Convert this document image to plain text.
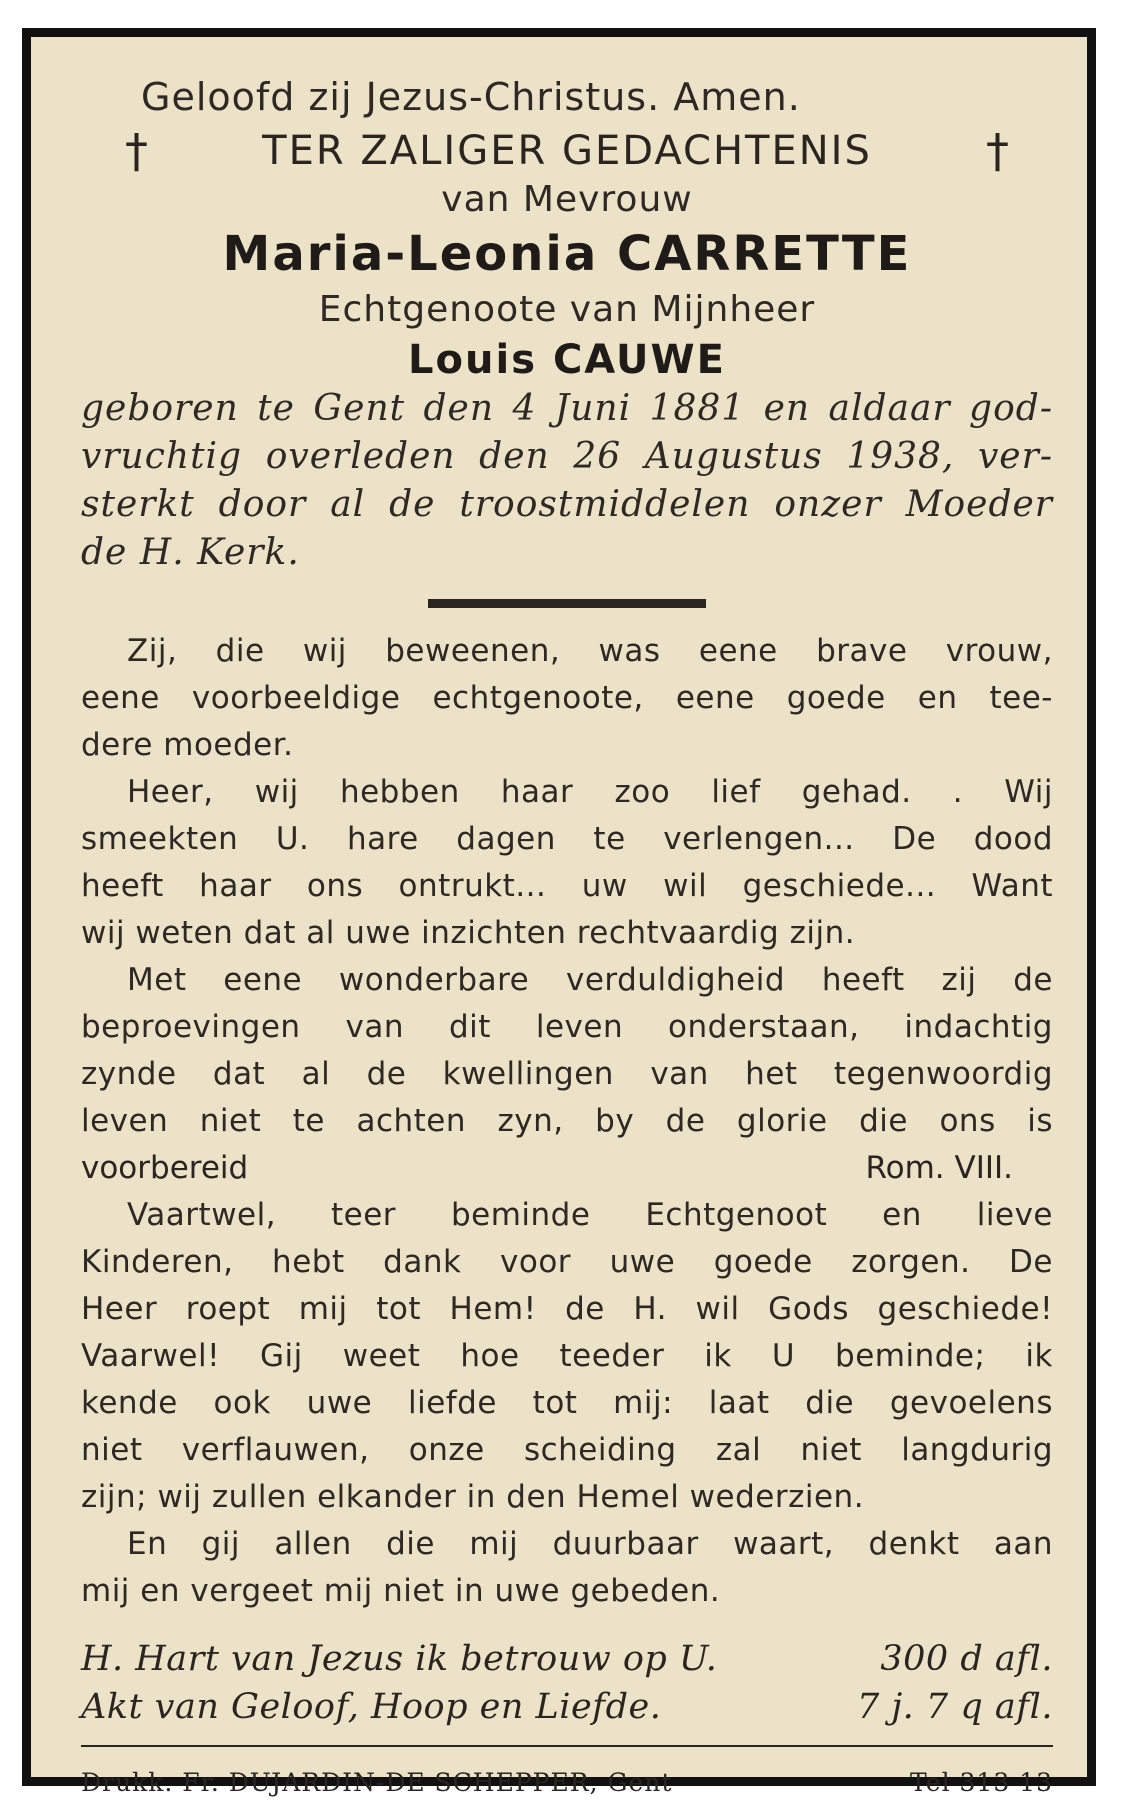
Geloofd zij Jezus-Christus. Amen.
†	TER ZALIGER GEDACHTENIS †
van Mevrouw
Maria-Leonia CARRETTE
Echtgenoote van Mijnheer
Louis CAUWE
geboren te Gent den 4 Juni 1881 en aldaar god-
vruchtig overleden den 26 Augustus 1938, ver-
sterkt door al de troostmiddelen onzer Moeder
de H. Kerk.
Zij, die wij beweenen, was eene brave vrouw,
eene voorbeeldige echtgenoote, eene goede en tee-
dere moeder.
Heer, wij hebben haar zoo lief gehad. . Wij
smeekten U. hare dagen te verlengen... De dood
heeft haar ons ontrukt... uw wil geschiede... Want
wij weten dat al uwe inzichten rechtvaardig zijn.
Met eene wonderbare verduldigheid heeft zij de
beproevingen van dit leven onderstaan, indachtig
zynde dat al de kwellingen van het tegenwoordig
leven niet te achten zyn, by de glorie die ons is
voorbereid	Rom. VIII.
Vaartwel, teer beminde Echtgenoot en lieve
Kinderen, hebt dank voor uwe goede zorgen. De
Heer roept mij tot Hem! de H. wil Gods geschiede!
Vaarwel! Gij weet hoe teeder ik U beminde; ik
kende ook uwe liefde tot mij: laat die gevoelens
niet verflauwen, onze scheiding zal niet langdurig
zijn; wij zullen elkander in den Hemel wederzien.
En gij allen die mij duurbaar waart, denkt aan
mij en vergeet mij niet in uwe gebeden.
H. Hart van Jezus ik betrouw op U.	300 d afl.
Akt van Geloof, Hoop en Liefde.	7 j. 7 q afl.
Drukk. Fr. DUJARDIN-DE SCHEPPER, Gent	Tel 313 13
